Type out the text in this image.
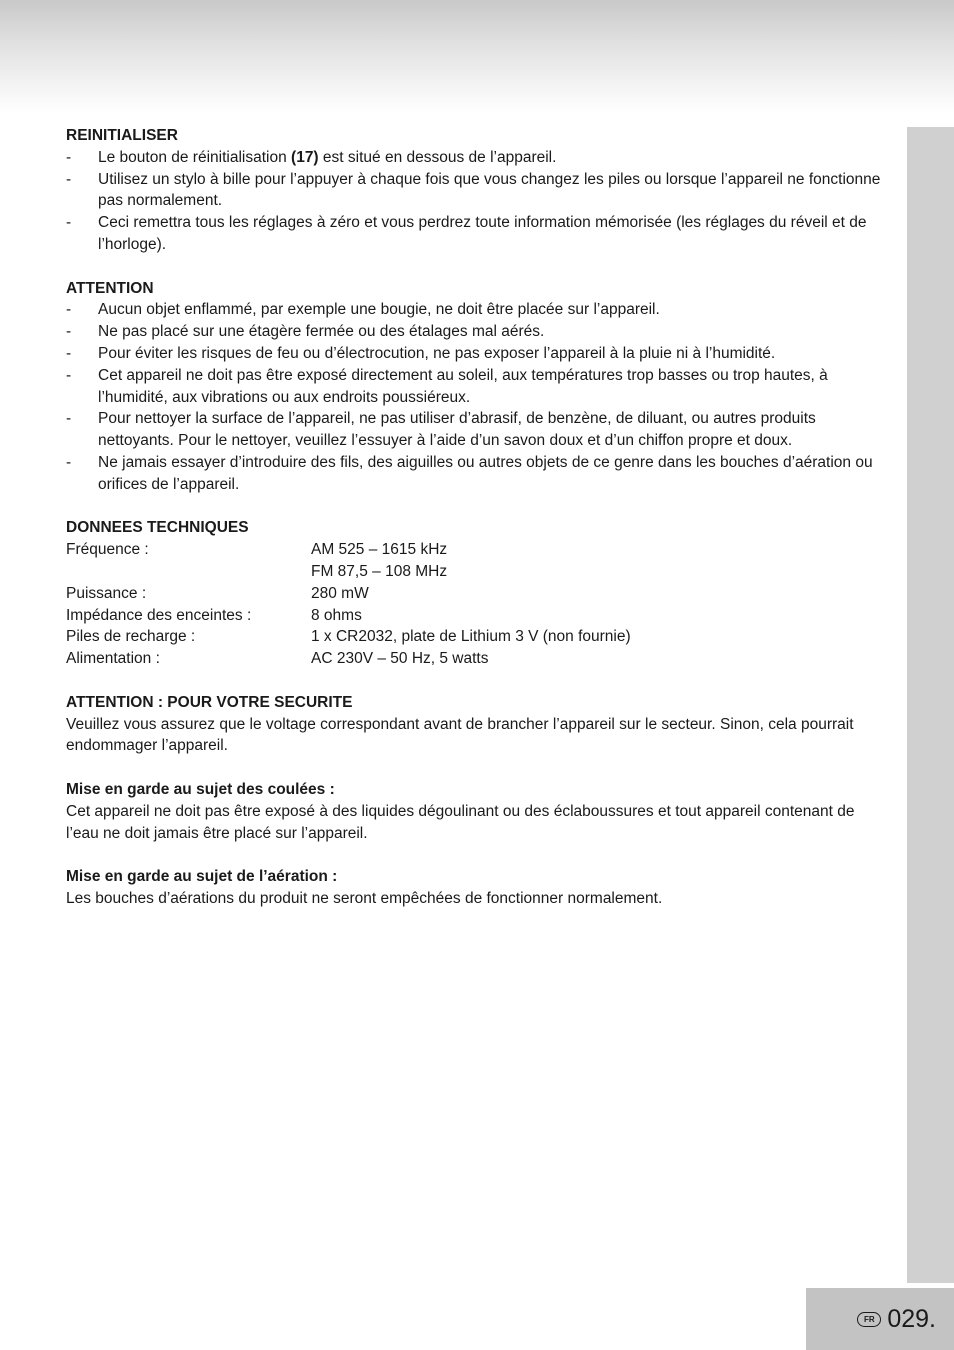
REINITIALISER
- Le bouton de réinitialisation (17) est situé en dessous de l’appareil.
- Utilisez un stylo à bille pour l’appuyer à chaque fois que vous changez les piles ou lorsque l’appareil ne fonctionne pas normalement.
- Ceci remettra tous les réglages à zéro et vous perdrez toute information mémorisée (les réglages du réveil et de l’horloge).
ATTENTION
- Aucun objet enflammé, par exemple une bougie, ne doit être placée sur l’appareil.
- Ne pas placé sur une étagère fermée ou des étalages mal aérés.
- Pour éviter les risques de feu ou d’électrocution, ne pas exposer l’appareil à la pluie ni à l’humidité.
- Cet appareil ne doit pas être exposé directement au soleil, aux températures trop basses ou trop hautes, à l’humidité, aux vibrations ou aux endroits poussiéreux.
- Pour nettoyer la surface de l’appareil, ne pas utiliser d’abrasif, de benzène, de diluant, ou autres produits nettoyants. Pour le nettoyer, veuillez l’essuyer à l’aide d’un savon doux et d’un chiffon propre et doux.
- Ne jamais essayer d’introduire des fils, des aiguilles ou autres objets de ce genre dans les bouches d’aération ou orifices de l’appareil.
DONNEES TECHNIQUES
Fréquence :	AM 525 – 1615 kHz
FM 87,5 – 108 MHz
Puissance :	280 mW
Impédance des enceintes :	8 ohms
Piles de recharge :	1 x CR2032, plate de Lithium 3 V (non fournie)
Alimentation :	AC 230V – 50 Hz, 5 watts
ATTENTION : POUR VOTRE SECURITE
Veuillez vous assurez que le voltage correspondant avant de brancher l’appareil sur le secteur. Sinon, cela pourrait endommager l’appareil.
Mise en garde au sujet des coulées :
Cet appareil ne doit pas être exposé à des liquides dégoulinant ou des éclaboussures et tout appareil contenant de l’eau ne doit jamais être placé sur l’appareil.
Mise en garde au sujet de l’aération :
Les bouches d’aérations du produit ne seront empêchées de fonctionner normalement.
FR 029.
